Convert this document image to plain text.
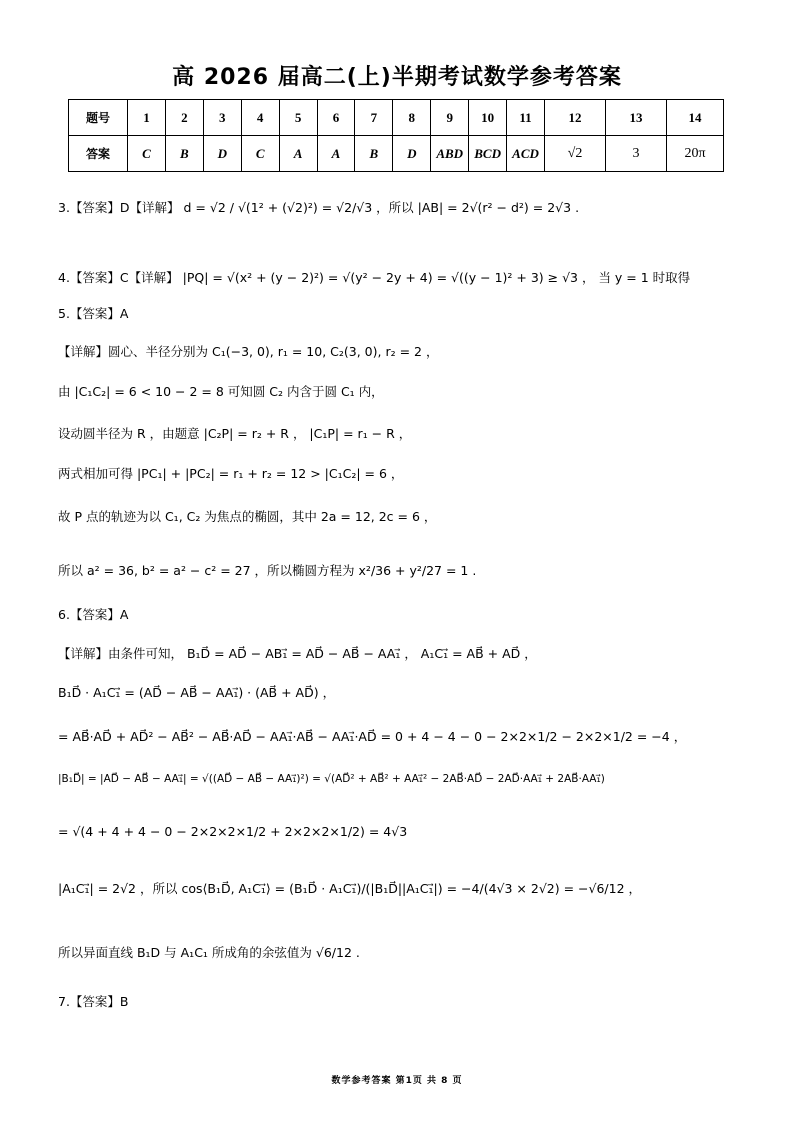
高 2026 届高二(上)半期考试数学参考答案
题号	1	2	3	4	5	6	7	8	9	10	11	12	13	14
答案	C	B	D	C	A	A	B	D	ABD	BCD	ACD	√2	3	20π
3.【答案】D【详解】 d = √2 / √(1² + (√2)²) = √2/√3 ，所以 |AB| = 2√(r² − d²) = 2√3 .
4.【答案】C【详解】 |PQ| = √(x² + (y − 2)²) = √(y² − 2y + 4) = √((y − 1)² + 3) ≥ √3 ， 当 y = 1 时取得
5.【答案】A
【详解】圆心、半径分别为 C₁(−3, 0), r₁ = 10, C₂(3, 0), r₂ = 2 ，
由 |C₁C₂| = 6 < 10 − 2 = 8 可知圆 C₂ 内含于圆 C₁ 内，
设动圆半径为 R ，由题意 |C₂P| = r₂ + R ， |C₁P| = r₁ − R ，
两式相加可得 |PC₁| + |PC₂| = r₁ + r₂ = 12 > |C₁C₂| = 6 ，
故 P 点的轨迹为以 C₁, C₂ 为焦点的椭圆，其中 2a = 12, 2c = 6 ，
所以 a² = 36, b² = a² − c² = 27 ，所以椭圆方程为 x²/36 + y²/27 = 1 .
6.【答案】A
【详解】由条件可知， B₁D⃗ = AD⃗ − AB₁⃗ = AD⃗ − AB⃗ − AA₁⃗ ， A₁C₁⃗ = AB⃗ + AD⃗ ，
B₁D⃗ · A₁C₁⃗ = (AD⃗ − AB⃗ − AA₁⃗) · (AB⃗ + AD⃗) ，
= AB⃗·AD⃗ + AD⃗² − AB⃗² − AB⃗·AD⃗ − AA₁⃗·AB⃗ − AA₁⃗·AD⃗ = 0 + 4 − 4 − 0 − 2×2×1/2 − 2×2×1/2 = −4 ，
|B₁D⃗| = |AD⃗ − AB⃗ − AA₁⃗| = √((AD⃗ − AB⃗ − AA₁⃗)²) = √(AD⃗² + AB⃗² + AA₁⃗² − 2AB⃗·AD⃗ − 2AD⃗·AA₁⃗ + 2AB⃗·AA₁⃗)
= √(4 + 4 + 4 − 0 − 2×2×2×1/2 + 2×2×2×1/2) = 4√3
|A₁C₁⃗| = 2√2 ，所以 cos⟨B₁D⃗, A₁C₁⃗⟩ = (B₁D⃗ · A₁C₁⃗)/(|B₁D⃗||A₁C₁⃗|) = −4/(4√3 × 2√2) = −√6/12 ，
所以异面直线 B₁D 与 A₁C₁ 所成角的余弦值为 √6/12 .
7.【答案】B
数学参考答案 第1页 共 8 页
